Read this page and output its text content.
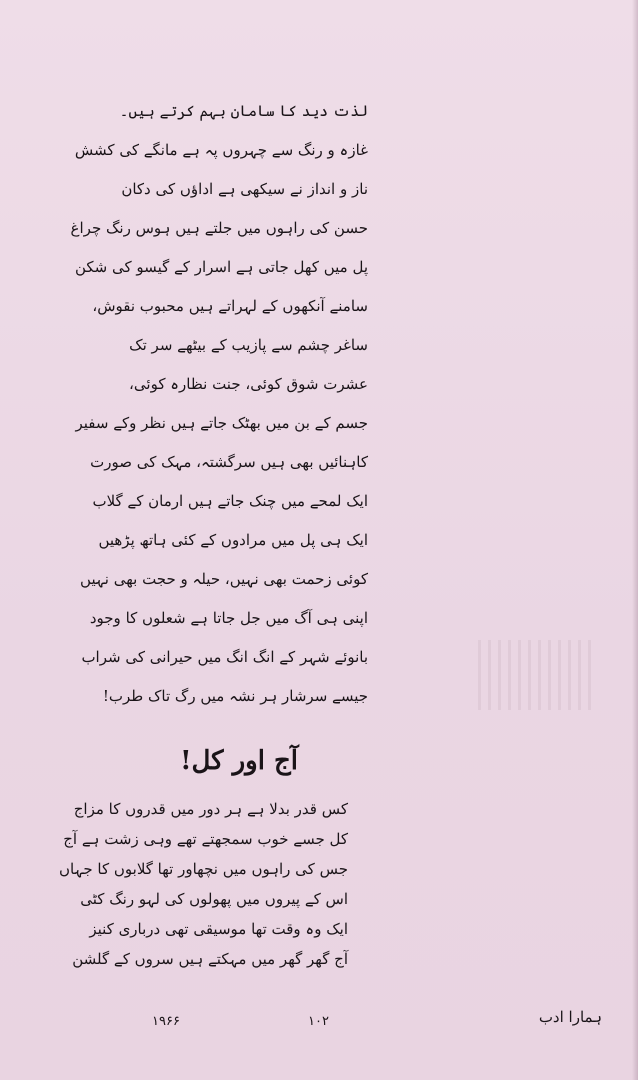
لذت دید کا سامان بہم کرتے ہیں۔
غازہ و رنگ سے چہروں پہ ہے مانگے کی کشش
ناز و انداز نے سیکھی ہے اداؤں کی دکان
حسن کی راہوں میں جلتے ہیں ہوس رنگ چراغ
پل میں کھل جاتی ہے اسرار کے گیسو کی شکن
سامنے آنکھوں کے لہراتے ہیں محبوب نقوش،
ساغر چشم سے پازیب کے بیٹھے سر تک
عشرت شوق کوئی، جنت نظارہ کوئی،
جسم کے بن میں بھٹک جاتے ہیں نظر وکے سفیر
کاہنائیں بھی ہیں سرگشتہ، مہک کی صورت
ایک لمحے میں چنک جاتے ہیں ارمان کے گلاب
ایک ہی پل میں مرادوں کے کئی ہاتھ پڑھیں
کوئی زحمت بھی نہیں، حیلہ و حجت بھی نہیں
اپنی ہی آگ میں جل جاتا ہے شعلوں کا وجود
بانوئے شہر کے انگ انگ میں حیرانی کی شراب
جیسے سرشار ہر نشہ میں رگ تاک طرب!
آج اور کل!
کس قدر بدلا ہے ہر دور میں قدروں کا مزاج
کل جسے خوب سمجھتے تھے وہی زشت ہے آج
جس کی راہوں میں نچھاور تھا گلابوں کا جہاں
اس کے پیروں میں پھولوں کی لہو رنگ کٹی
ایک وہ وقت تھا موسیقی تھی درباری کنیز
آج گھر گھر میں مہکتے ہیں سروں کے گلشن
۱۹۶۶	۱۰۲	ہمارا ادب
